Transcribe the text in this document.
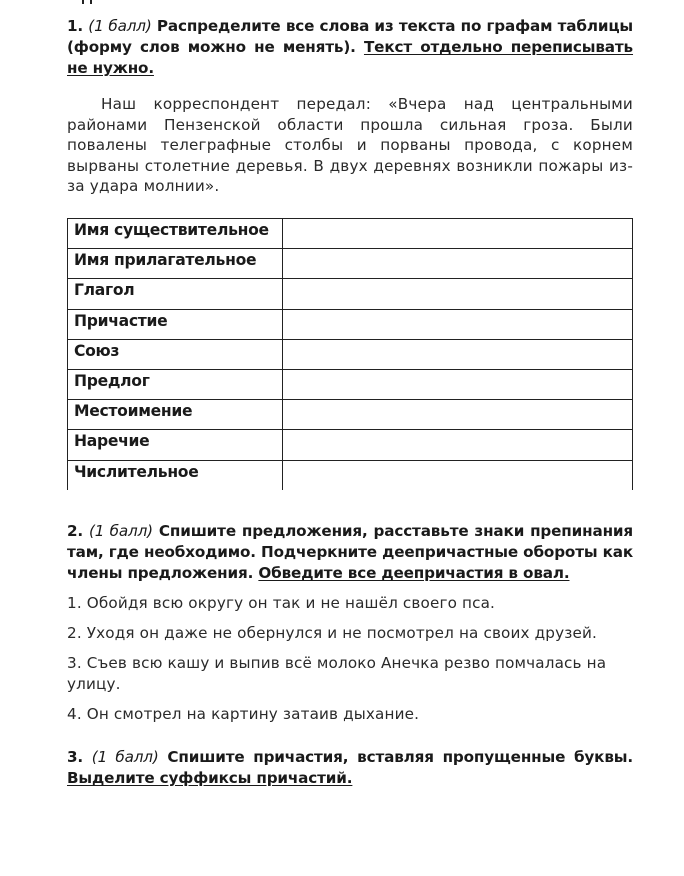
1. (1 балл) Распределите все слова из текста по графам таблицы (форму слов можно не менять). Текст отдельно переписывать не нужно.

Наш корреспондент передал: «Вчера над центральными районами Пензенской области прошла сильная гроза. Были повалены телеграфные столбы и порваны провода, с корнем вырваны столетние деревья. В двух деревнях возникли пожары из-за удара молнии».

Имя существительное	
Имя прилагательное	
Глагол	
Причастие	
Союз	
Предлог	
Местоимение	
Наречие	
Числительное	

2. (1 балл) Спишите предложения, расставьте знаки препинания там, где необходимо. Подчеркните деепричастные обороты как члены предложения. Обведите все деепричастия в овал.

1. Обойдя всю округу он так и не нашёл своего пса.

2. Уходя он даже не обернулся и не посмотрел на своих друзей.

3. Съев всю кашу и выпив всё молоко Анечка резво помчалась на улицу.

4. Он смотрел на картину затаив дыхание.

3. (1 балл) Спишите причастия, вставляя пропущенные буквы. Выделите суффиксы причастий.
